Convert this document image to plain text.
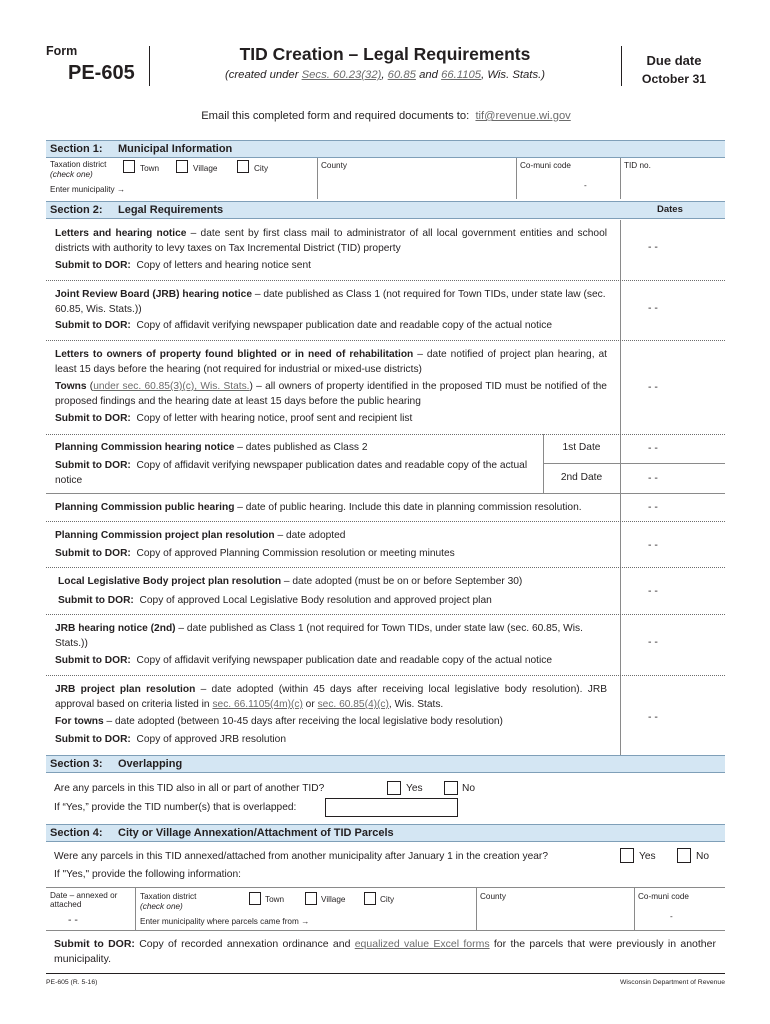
Form
PE-605
TID Creation – Legal Requirements
(created under Secs. 60.23(32), 60.85 and 66.1105, Wis. Stats.)
Due date
October 31
Email this completed form and required documents to: tif@revenue.wi.gov
Section 1: Municipal Information
Taxation district
(check one)
Town	Village	City
Enter municipality →
County	Co-muni code
-
TID no.
Section 2: Legal Requirements	Dates
Letters and hearing notice – date sent by first class mail to administrator of all local government entities and school districts with authority to levy taxes on Tax Incremental District (TID) property
Submit to DOR: Copy of letters and hearing notice sent
- -
Joint Review Board (JRB) hearing notice – date published as Class 1 (not required for Town TIDs, under state law (sec. 60.85, Wis. Stats.))
Submit to DOR: Copy of affidavit verifying newspaper publication date and readable copy of the actual notice
- -
Letters to owners of property found blighted or in need of rehabilitation – date notified of project plan hearing, at least 15 days before the hearing (not required for industrial or mixed-use districts)
Towns (under sec. 60.85(3)(c), Wis. Stats.) – all owners of property identified in the proposed TID must be notified of the proposed findings and the hearing date at least 15 days before the public hearing
Submit to DOR: Copy of letter with hearing notice, proof sent and recipient list
- -
Planning Commission hearing notice – dates published as Class 2
Submit to DOR: Copy of affidavit verifying newspaper publication dates and readable copy of the actual notice
1st Date
2nd Date
- -
- -
Planning Commission public hearing – date of public hearing. Include this date in planning commission resolution.	- -
Planning Commission project plan resolution – date adopted
Submit to DOR: Copy of approved Planning Commission resolution or meeting minutes
- -
Local Legislative Body project plan resolution – date adopted (must be on or before September 30)
Submit to DOR: Copy of approved Local Legislative Body resolution and approved project plan
- -
JRB hearing notice (2nd) – date published as Class 1 (not required for Town TIDs, under state law (sec. 60.85, Wis. Stats.))
Submit to DOR: Copy of affidavit verifying newspaper publication date and readable copy of the actual notice
- -
JRB project plan resolution – date adopted (within 45 days after receiving local legislative body resolution). JRB approval based on criteria listed in sec. 66.1105(4m)(c) or sec. 60.85(4)(c), Wis. Stats.
For towns – date adopted (between 10-45 days after receiving the local legislative body resolution)
Submit to DOR: Copy of approved JRB resolution
- -
Section 3: Overlapping
Are any parcels in this TID also in all or part of another TID?	Yes	No
If “Yes,” provide the TID number(s) that is overlapped:
Section 4: City or Village Annexation/Attachment of TID Parcels
Were any parcels in this TID annexed/attached from another municipality after January 1 in the creation year?	Yes	No
If "Yes," provide the following information:
Date – annexed or attached
- -
Taxation district
(check one)
Town	Village	City
Enter municipality where parcels came from →
County	Co-muni code
-
Submit to DOR: Copy of recorded annexation ordinance and equalized value Excel forms for the parcels that were previously in another municipality.
PE-605 (R. 5-16)	Wisconsin Department of Revenue
